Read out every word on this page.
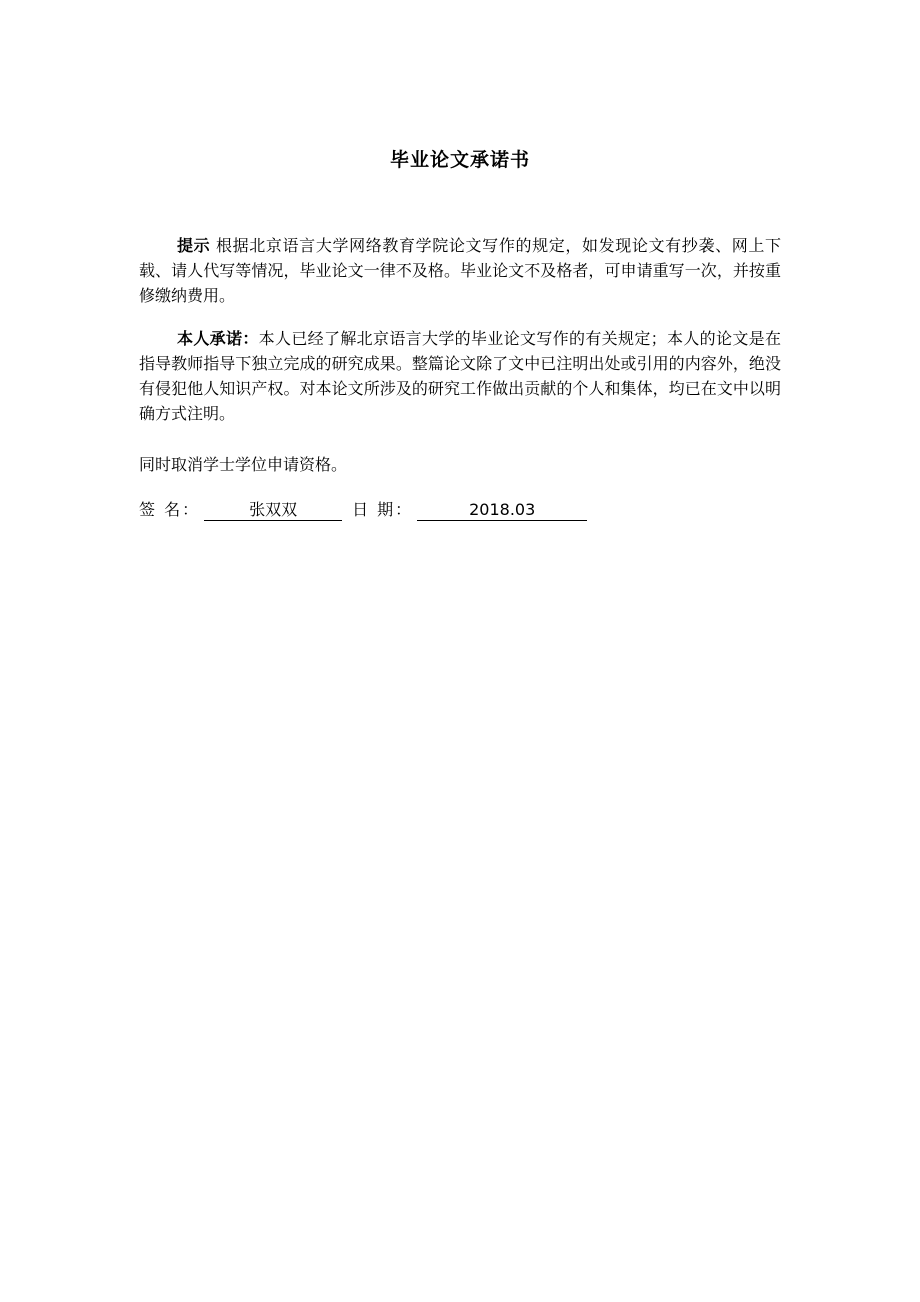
毕业论文承诺书

提示 根据北京语言大学网络教育学院论文写作的规定，如发现论文有抄袭、网上下载、请人代写等情况，毕业论文一律不及格。毕业论文不及格者，可申请重写一次，并按重修缴纳费用。

本人承诺：本人已经了解北京语言大学的毕业论文写作的有关规定；本人的论文是在指导教师指导下独立完成的研究成果。整篇论文除了文中已注明出处或引用的内容外，绝没有侵犯他人知识产权。对本论文所涉及的研究工作做出贡献的个人和集体，均已在文中以明确方式注明。

同时取消学士学位申请资格。

签 名：	张双双	日 期：	2018.03
